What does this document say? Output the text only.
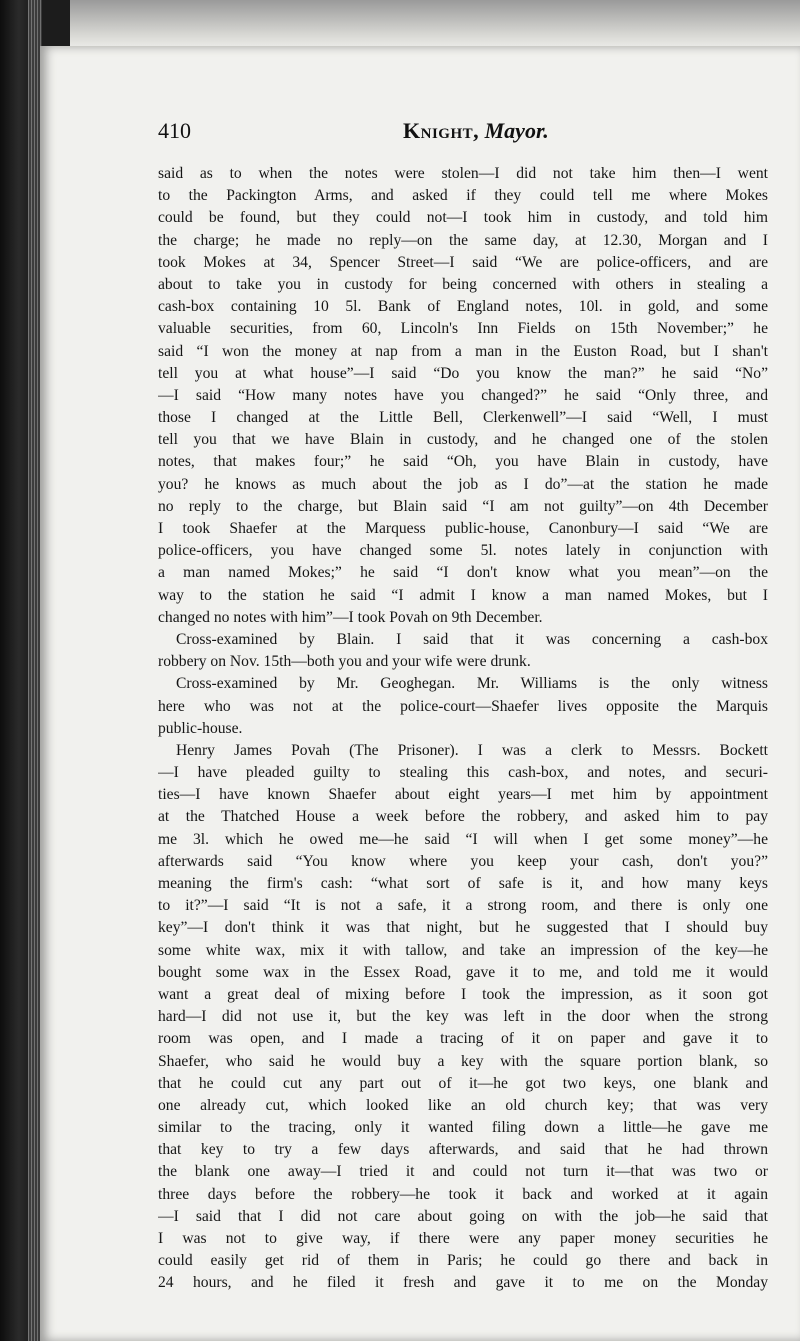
410	Knight, Mayor.
said as to when the notes were stolen—I did not take him then—I went
to the Packington Arms, and asked if they could tell me where Mokes
could be found, but they could not—I took him in custody, and told him
the charge; he made no reply—on the same day, at 12.30, Morgan and I
took Mokes at 34, Spencer Street—I said “We are police-officers, and are
about to take you in custody for being concerned with others in stealing a
cash-box containing 10 5l. Bank of England notes, 10l. in gold, and some
valuable securities, from 60, Lincoln's Inn Fields on 15th November;” he
said “I won the money at nap from a man in the Euston Road, but I shan't
tell you at what house”—I said “Do you know the man?” he said “No”
—I said “How many notes have you changed?” he said “Only three, and
those I changed at the Little Bell, Clerkenwell”—I said “Well, I must
tell you that we have Blain in custody, and he changed one of the stolen
notes, that makes four;” he said “Oh, you have Blain in custody, have
you? he knows as much about the job as I do”—at the station he made
no reply to the charge, but Blain said “I am not guilty”—on 4th December
I took Shaefer at the Marquess public-house, Canonbury—I said “We are
police-officers, you have changed some 5l. notes lately in conjunction with
a man named Mokes;” he said “I don't know what you mean”—on the
way to the station he said “I admit I know a man named Mokes, but I
changed no notes with him”—I took Povah on 9th December.
Cross-examined by Blain. I said that it was concerning a cash-box
robbery on Nov. 15th—both you and your wife were drunk.
Cross-examined by Mr. Geoghegan. Mr. Williams is the only witness
here who was not at the police-court—Shaefer lives opposite the Marquis
public-house.
Henry James Povah (The Prisoner). I was a clerk to Messrs. Bockett
—I have pleaded guilty to stealing this cash-box, and notes, and securi-
ties—I have known Shaefer about eight years—I met him by appointment
at the Thatched House a week before the robbery, and asked him to pay
me 3l. which he owed me—he said “I will when I get some money”—he
afterwards said “You know where you keep your cash, don't you?”
meaning the firm's cash: “what sort of safe is it, and how many keys
to it?”—I said “It is not a safe, it a strong room, and there is only one
key”—I don't think it was that night, but he suggested that I should buy
some white wax, mix it with tallow, and take an impression of the key—he
bought some wax in the Essex Road, gave it to me, and told me it would
want a great deal of mixing before I took the impression, as it soon got
hard—I did not use it, but the key was left in the door when the strong
room was open, and I made a tracing of it on paper and gave it to
Shaefer, who said he would buy a key with the square portion blank, so
that he could cut any part out of it—he got two keys, one blank and
one already cut, which looked like an old church key; that was very
similar to the tracing, only it wanted filing down a little—he gave me
that key to try a few days afterwards, and said that he had thrown
the blank one away—I tried it and could not turn it—that was two or
three days before the robbery—he took it back and worked at it again
—I said that I did not care about going on with the job—he said that
I was not to give way, if there were any paper money securities he
could easily get rid of them in Paris; he could go there and back in
24 hours, and he filed it fresh and gave it to me on the Monday
